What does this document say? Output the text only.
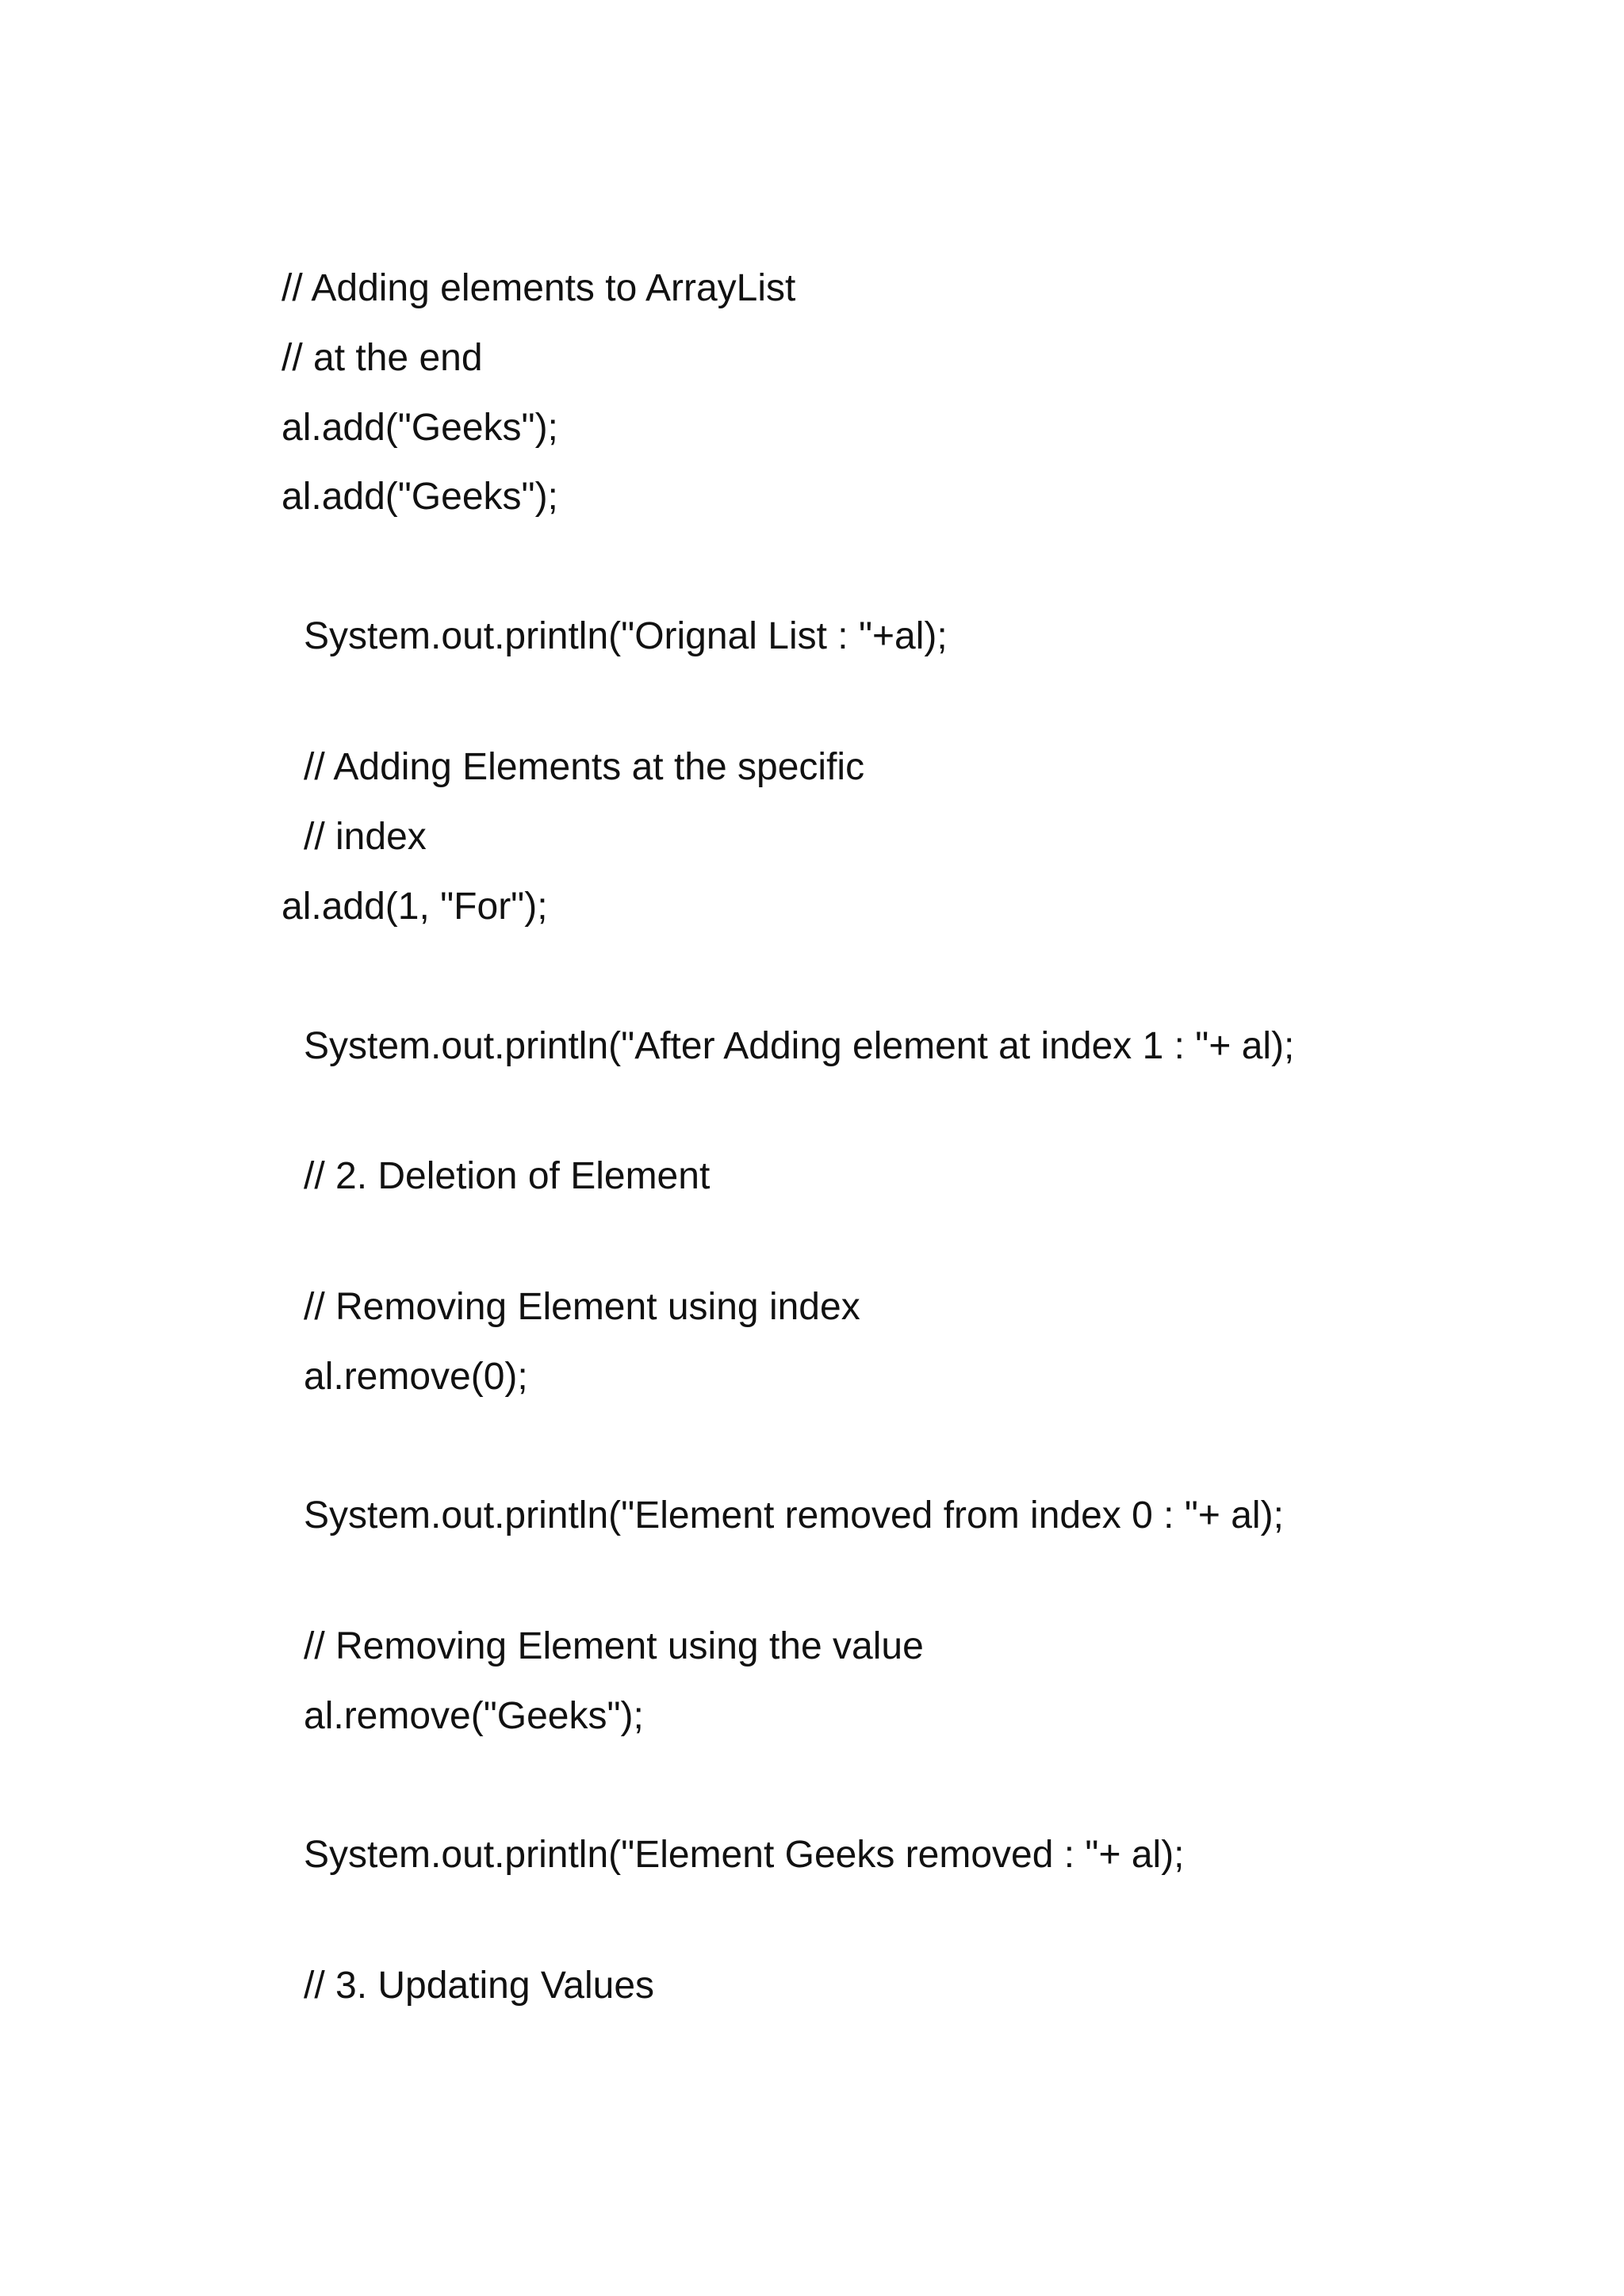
// Adding elements to ArrayList
// at the end
al.add("Geeks");
al.add("Geeks");
System.out.println("Orignal List : "+al);
// Adding Elements at the specific
// index
al.add(1, "For");
System.out.println("After Adding element at index 1 : "+ al);
// 2. Deletion of Element
// Removing Element using index
al.remove(0);
System.out.println("Element removed from index 0 : "+ al);
// Removing Element using the value
al.remove("Geeks");
System.out.println("Element Geeks removed : "+ al);
// 3. Updating Values
